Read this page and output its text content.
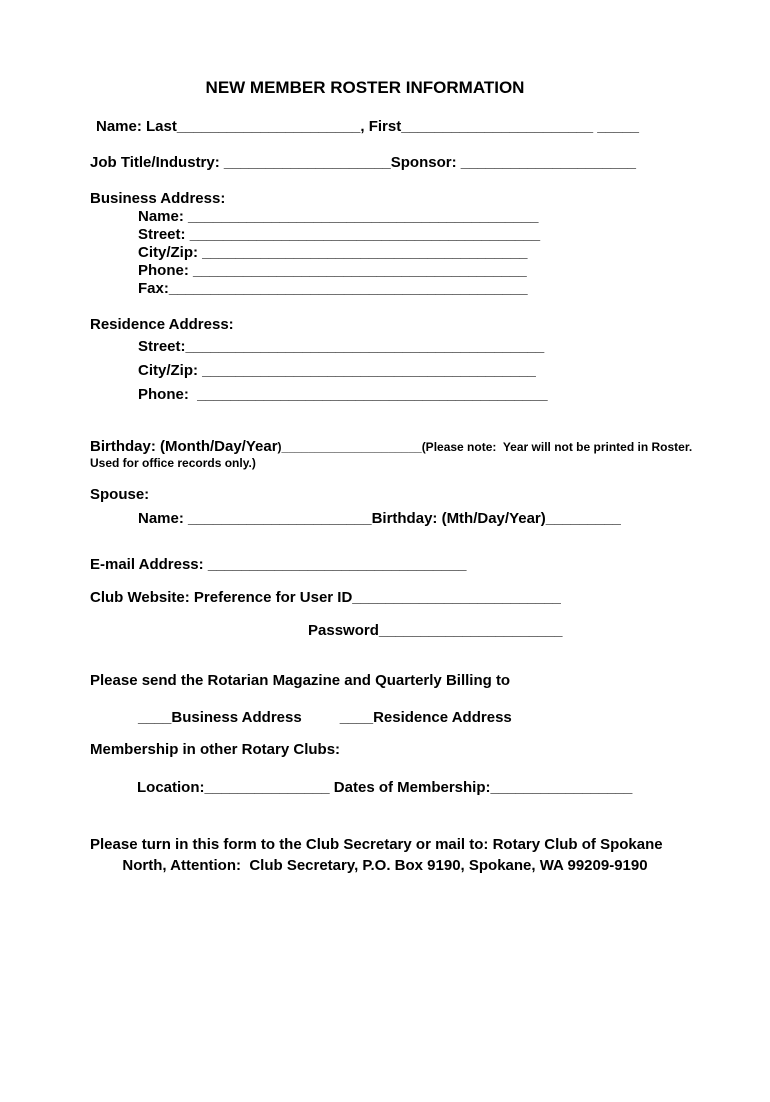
NEW MEMBER ROSTER INFORMATION
Name: Last______________________, First_______________________ _____
Job Title/Industry: ____________________Sponsor: _____________________
Business Address:
Name: __________________________________________
Street: __________________________________________
City/Zip: _______________________________________
Phone: ________________________________________
Fax:___________________________________________
Residence Address:
Street:___________________________________________
City/Zip: ________________________________________
Phone:  __________________________________________
Birthday: (Month/Day/Year)_____________________(Please note:  Year will not be printed in Roster.
Used for office records only.)
Spouse:
Name: ______________________Birthday: (Mth/Day/Year)_________
E-mail Address: _______________________________
Club Website: Preference for User ID_________________________
Password______________________
Please send the Rotarian Magazine and Quarterly Billing to
____Business Address	____Residence Address
Membership in other Rotary Clubs:
Location:_______________ Dates of Membership:_________________
Please turn in this form to the Club Secretary or mail to: Rotary Club of Spokane
North, Attention:  Club Secretary, P.O. Box 9190, Spokane, WA 99209-9190
